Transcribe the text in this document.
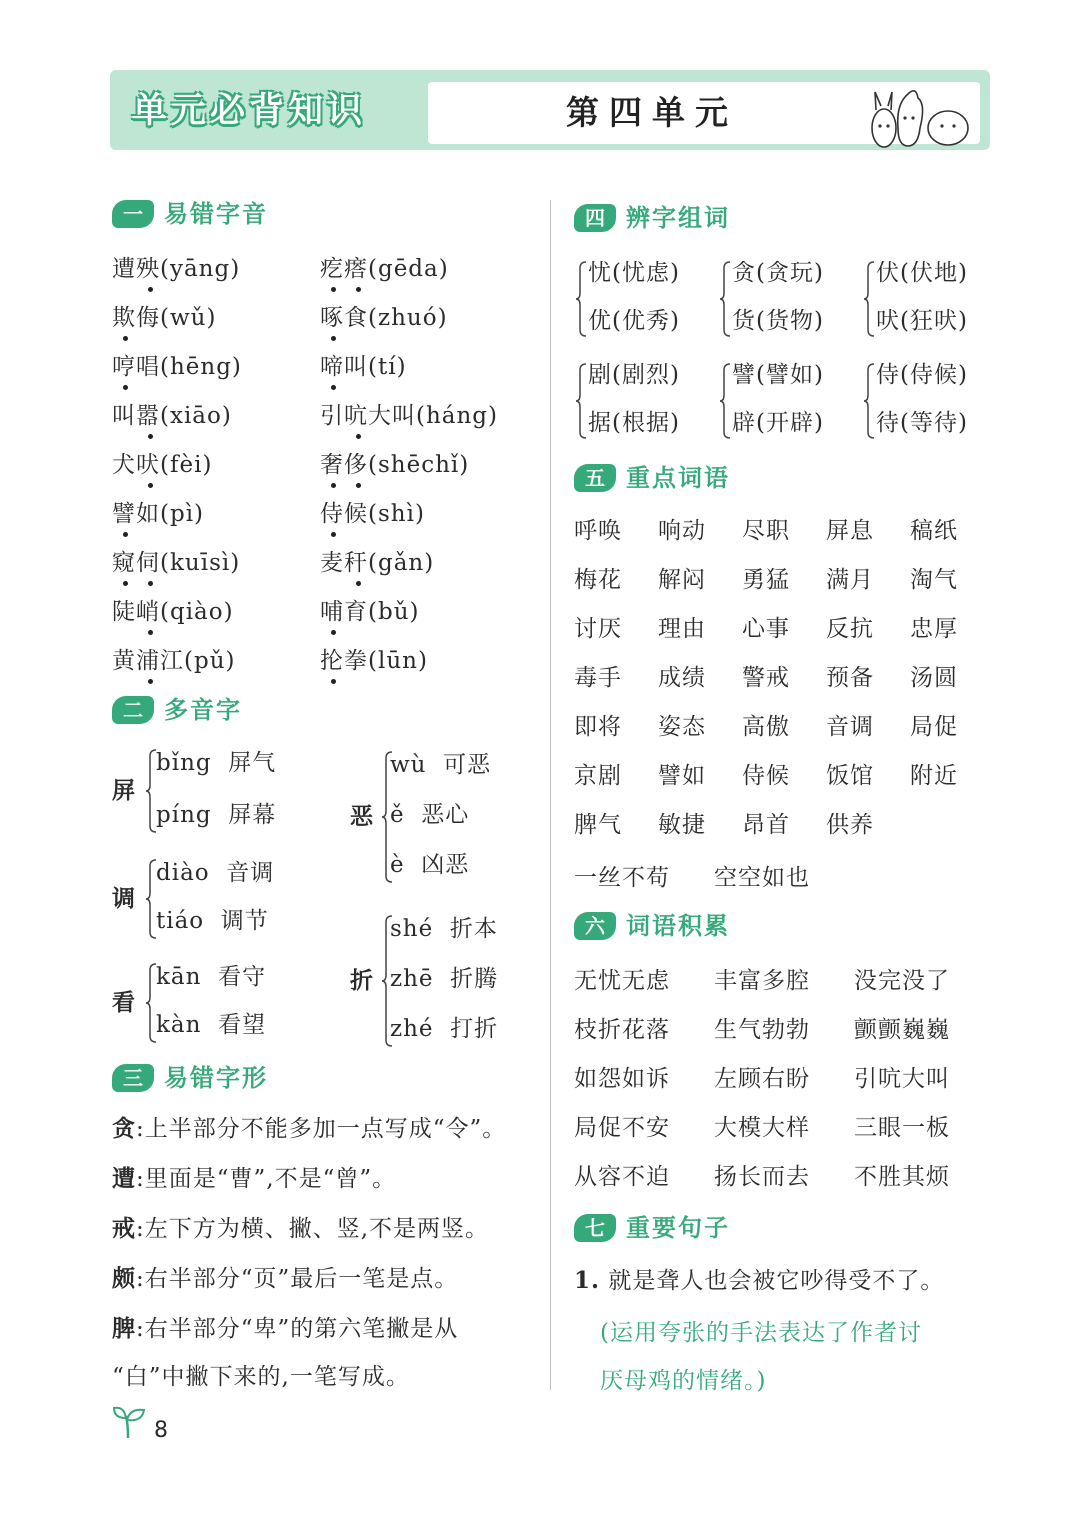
单元必背知识	第四单元
一 易错字音
二 多音字
三 易错字形
“白”中撇下来的,一笔写成。
四 辨字组词
五 重点词语
六 词语积累
七 重要句子
1. 就是聋人也会被它吵得受不了。
(运用夸张的手法表达了作者讨
厌母鸡的情绪。)
8
遭殃(yāng)
欺侮(wǔ)
哼唱(hēng)
叫嚣(xiāo)
犬吠(fèi)
譬如(pì)
窥伺(kuīsì)
陡峭(qiào)
黄浦江(pǔ)
疙瘩(gēda)
啄食(zhuó)
啼叫(tí)
引吭大叫(háng)
奢侈(shēchǐ)
侍候(shì)
麦秆(gǎn)
哺育(bǔ)
抡拳(lūn)
屏
bǐng  屏气
píng  屏幕
调
diào  音调
tiáo  调节
看
kān  看守
kàn  看望
恶
wù  可恶
ě  恶心
è  凶恶
折
shé  折本
zhē  折腾
zhé  打折
贪:上半部分不能多加一点写成“令”。
遭:里面是“曹”,不是“曾”。
戒:左下方为横、撇、竖,不是两竖。
颇:右半部分“页”最后一笔是点。
脾:右半部分“卑”的第六笔撇是从
忧(忧虑)
优(优秀)
贪(贪玩)
货(货物)
伏(伏地)
吠(狂吠)
剧(剧烈)
据(根据)
譬(譬如)
辟(开辟)
侍(侍候)
待(等待)
呼唤 响动 尽职 屏息 稿纸
梅花 解闷 勇猛 满月 淘气
讨厌 理由 心事 反抗 忠厚
毒手 成绩 警戒 预备 汤圆
即将 姿态 高傲 音调 局促
京剧 譬如 侍候 饭馆 附近
脾气 敏捷 昂首 供养
一丝不苟 空空如也
无忧无虑 丰富多腔 没完没了
枝折花落 生气勃勃 颤颤巍巍
如怨如诉 左顾右盼 引吭大叫
局促不安 大模大样 三眼一板
从容不迫 扬长而去 不胜其烦
